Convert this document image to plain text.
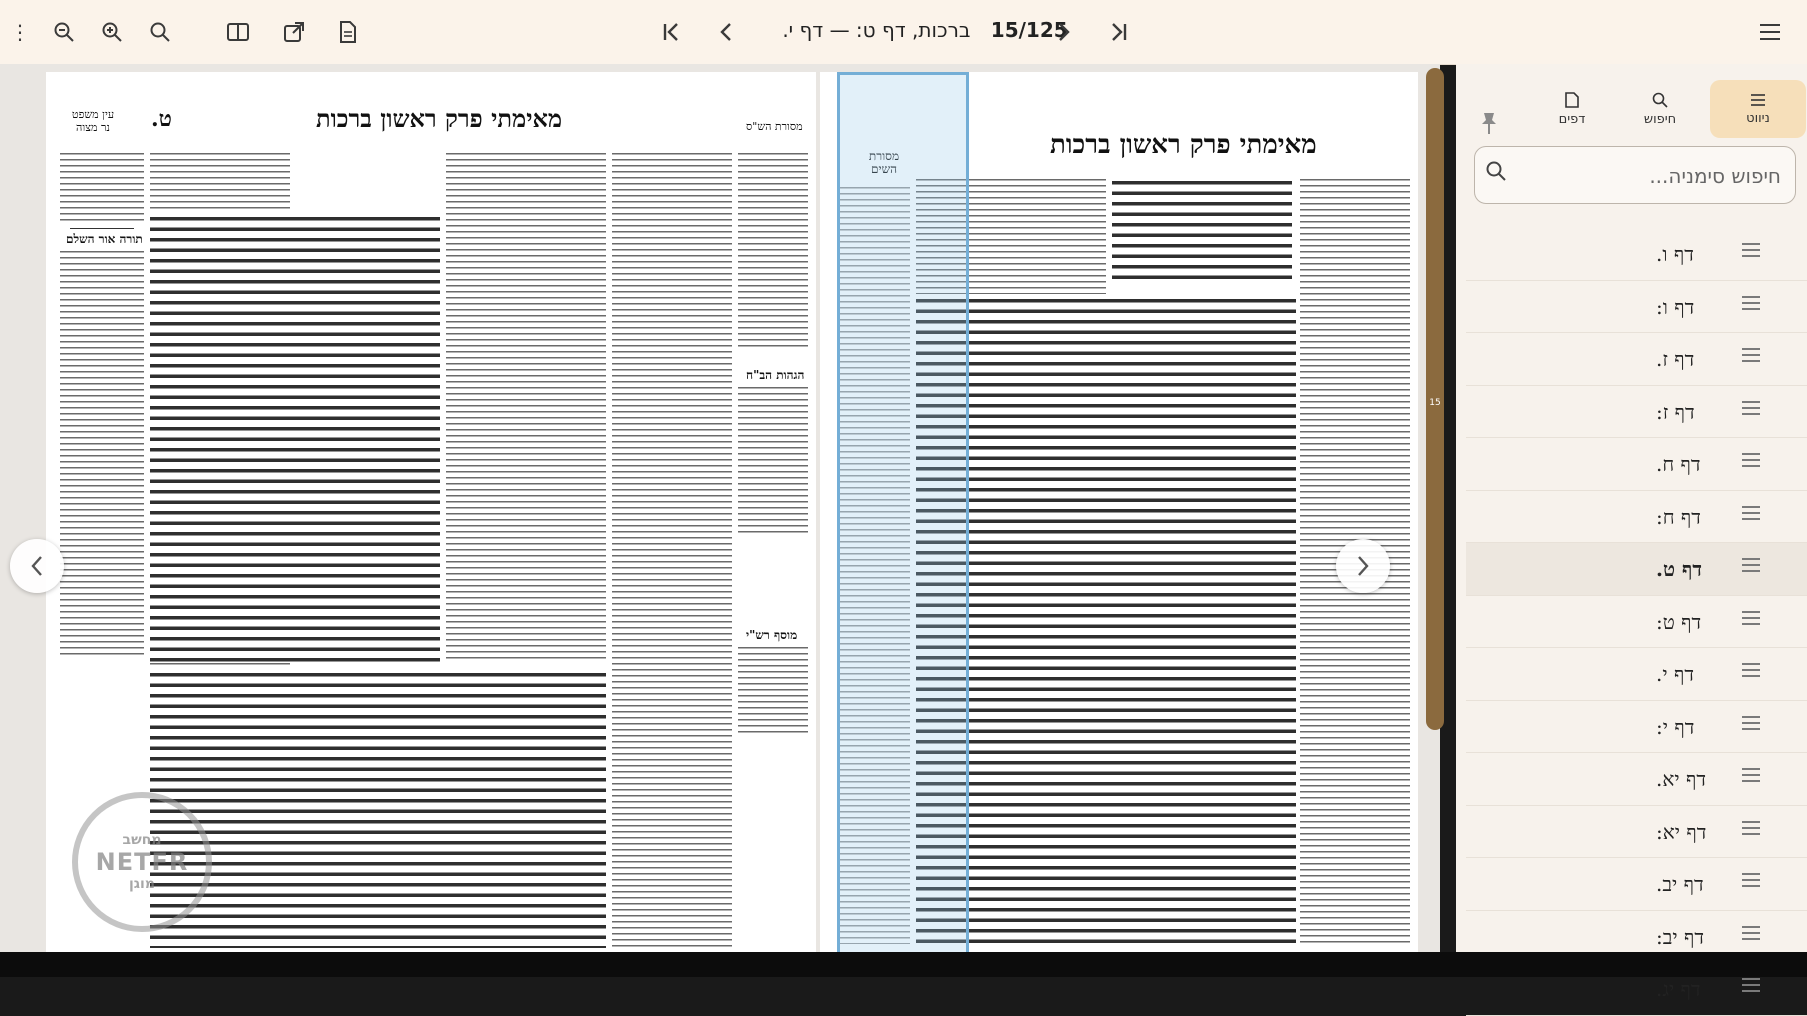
⋮	15/125 ברכות, דף ט: — דף י.
עין משפט נר מצוה	ט.	מאימתי פרק ראשון ברכות	מסורת הש"ס
תורה אור השלם
הגהות הב"ח
מוסף רש"י
מחשב
NETFR
מוגן
מסורת השים
מאימתי פרק ראשון ברכות
15
דפים	חיפוש	ניווט
חיפוש סימניה...
דף ו.
דף ו:
דף ז.
דף ז:
דף ח.
דף ח:
דף ט.
דף ט:
דף י.
דף י:
דף יא.
דף יא:
דף יב.
דף יב:
דף יג.
